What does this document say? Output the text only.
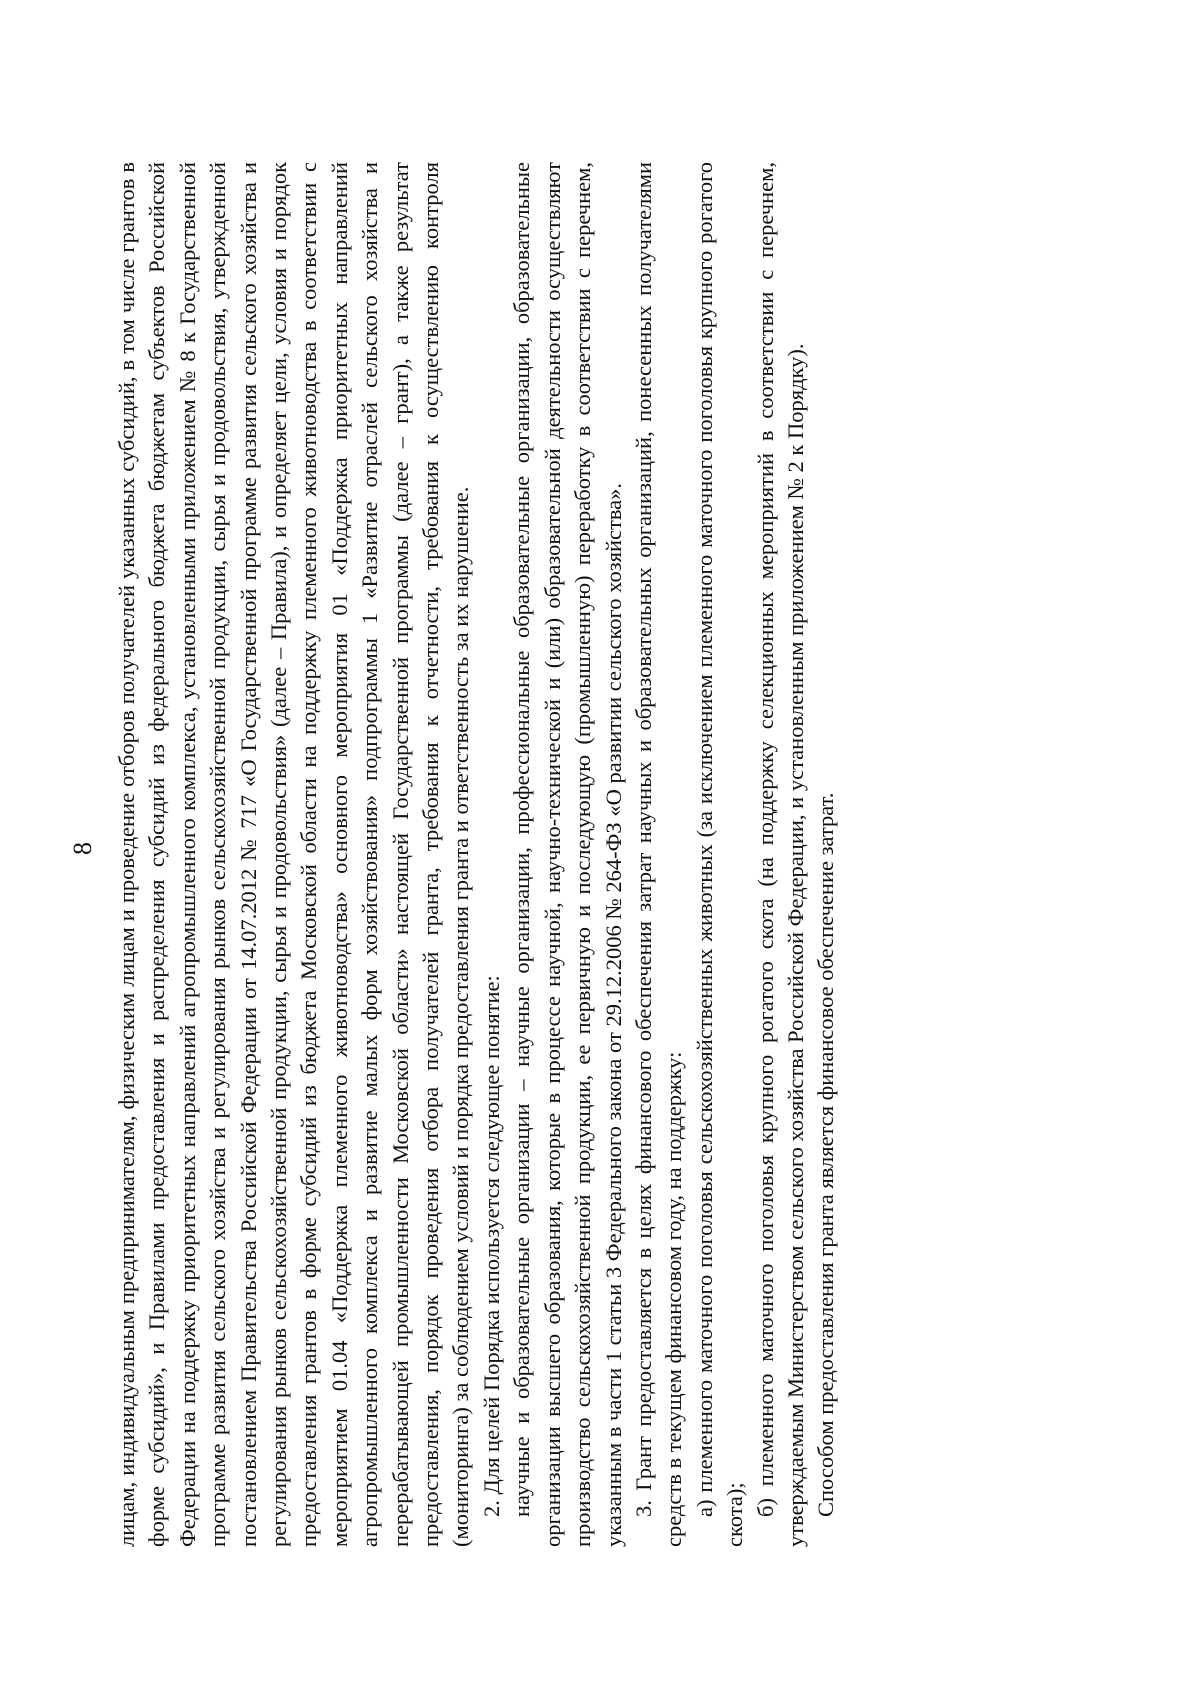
8 лицам, индивидуальным предпринимателям, физическим лицам и проведение отборов получателей указанных субсидий, в том числе грантов в форме субсидий», и Правилами предоставления и распределения субсидий из федерального бюджета бюджетам субъектов Российской Федерации на поддержку приоритетных направлений агропромышленного комплекса, установленными приложением № 8 к Государственной программе развития сельского хозяйства и регулирования рынков сельскохозяйственной продукции, сырья и продовольствия, утвержденной постановлением Правительства Российской Федерации от 14.07.2012 № 717 «О Государственной программе развития сельского хозяйства и регулирования рынков сельскохозяйственной продукции, сырья и продовольствия» (далее – Правила), и определяет цели, условия и порядок предоставления грантов в форме субсидий из бюджета Московской области на поддержку племенного животноводства в соответствии с мероприятием 01.04 «Поддержка племенного животноводства» основного мероприятия 01 «Поддержка приоритетных направлений агропромышленного комплекса и развитие малых форм хозяйствования» подпрограммы 1 «Развитие отраслей сельского хозяйства и перерабатывающей промышленности Московской области» настоящей Государственной программы (далее – грант), а также результат предоставления, порядок проведения отбора получателей гранта, требования к отчетности, требования к осуществлению контроля (мониторинга) за соблюдением условий и порядка предоставления гранта и ответственность за их нарушение. 2. Для целей Порядка используется следующее понятие: научные и образовательные организации – научные организации, профессиональные образовательные организации, образовательные организации высшего образования, которые в процессе научной, научно-технической и (или) образовательной деятельности осуществляют производство сельскохозяйственной продукции, ее первичную и последующую (промышленную) переработку в соответствии с перечнем, указанным в части 1 статьи 3 Федерального закона от 29.12.2006 № 264-ФЗ «О развитии сельского хозяйства». 3. Грант предоставляется в целях финансового обеспечения затрат научных и образовательных организаций, понесенных получателями средств в текущем финансовом году, на поддержку: а) племенного маточного поголовья сельскохозяйственных животных (за исключением племенного маточного поголовья крупного рогатого скота); б) племенного маточного поголовья крупного рогатого скота (на поддержку селекционных мероприятий в соответствии с перечнем, утверждаемым Министерством сельского хозяйства Российской Федерации, и установленным приложением № 2 к Порядку). Способом предоставления гранта является финансовое обеспечение затрат.
